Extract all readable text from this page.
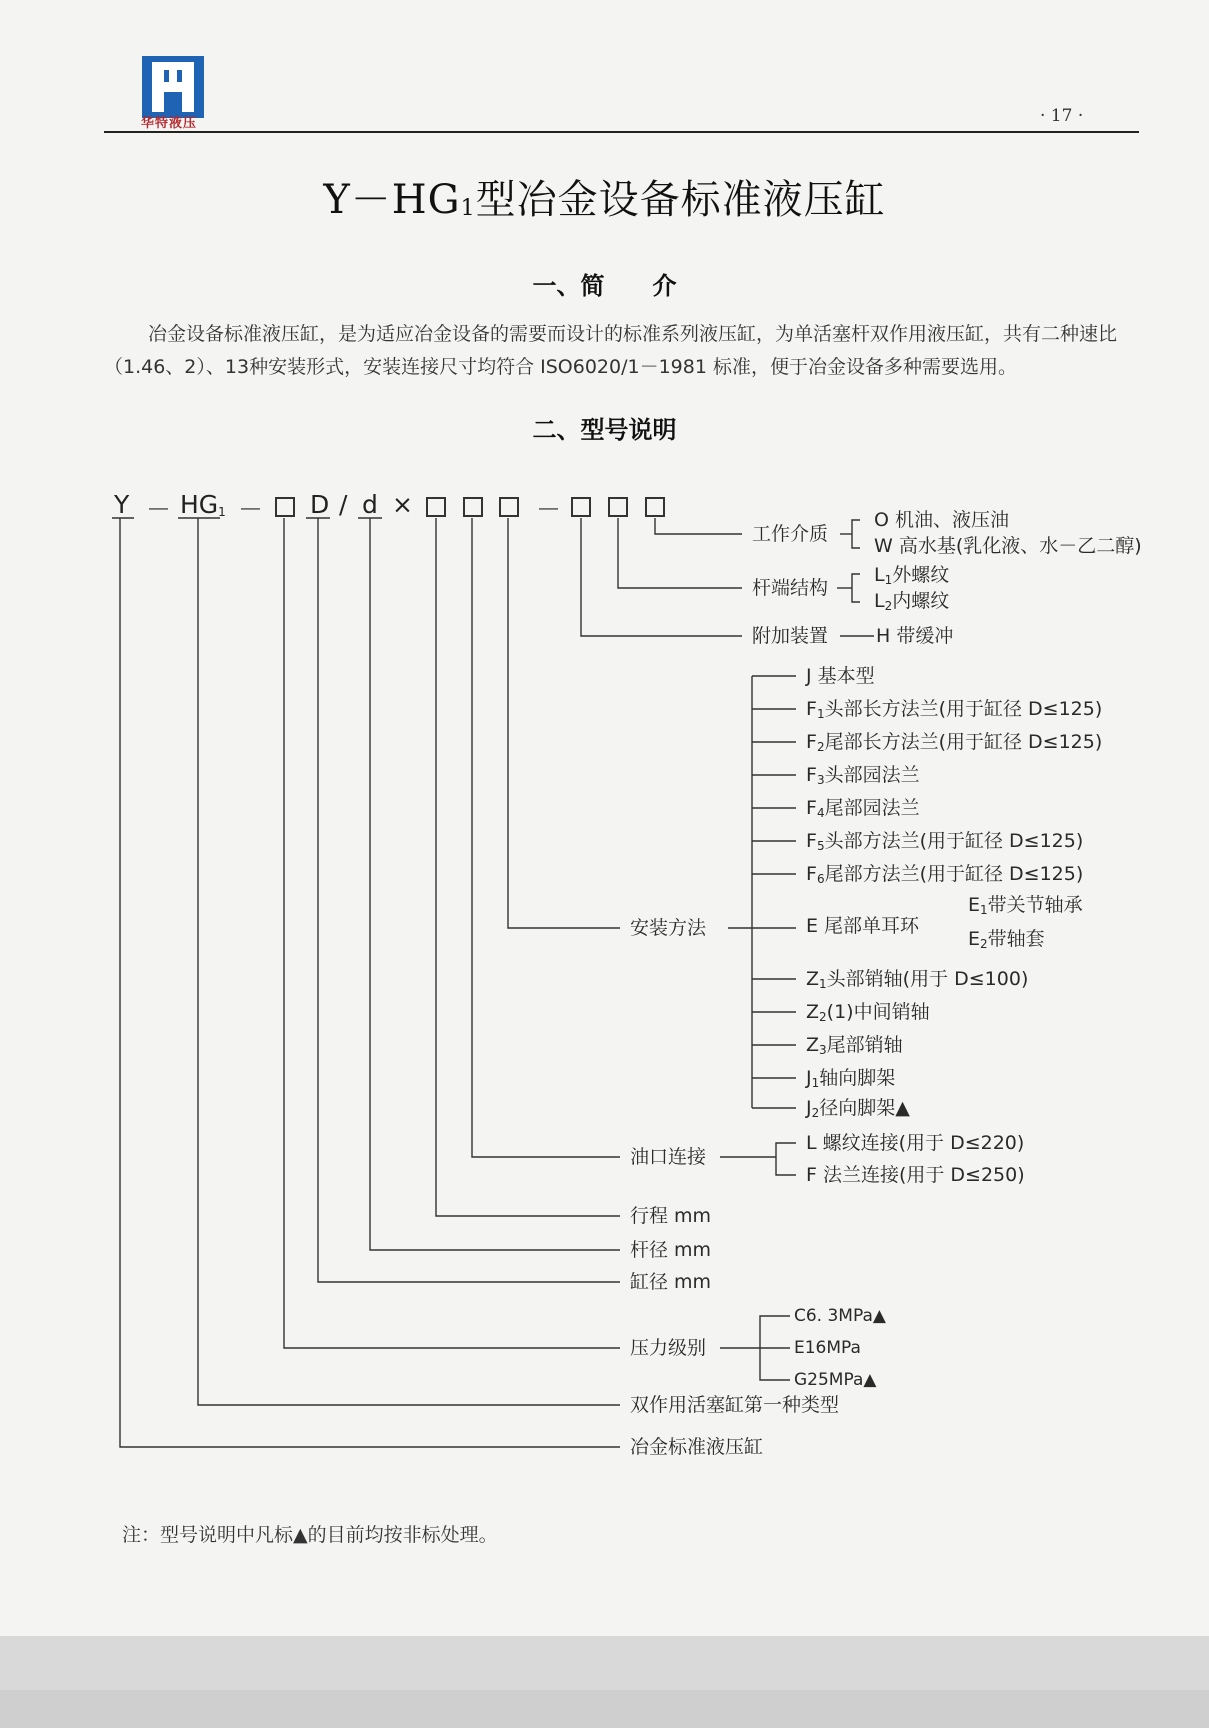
华特液压	· 17 ·
Y－HG1型冶金设备标准液压缸
一、简　　介
冶金设备标准液压缸，是为适应冶金设备的需要而设计的标准系列液压缸，为单活塞杆双作用液压缸，共有二种速比（1.46、2）、13种安装形式，安装连接尺寸均符合 ISO6020/1－1981 标准，便于冶金设备多种需要选用。
二、型号说明
Y － HG1 － D / d ×	－
工作介质
O 机油、液压油
W 高水基(乳化液、水－乙二醇)
杆端结构
L1外螺纹
L2内螺纹
附加装置	H 带缓冲
J 基本型
F1头部长方法兰(用于缸径 D≤125)
F2尾部长方法兰(用于缸径 D≤125)
F3头部园法兰
F4尾部园法兰
F5头部方法兰(用于缸径 D≤125)
F6尾部方法兰(用于缸径 D≤125)
安装方法	E 尾部单耳环
E1带关节轴承
E2带轴套
Z1头部销轴(用于 D≤100)
Z2(1)中间销轴
Z3尾部销轴
J1轴向脚架
J2径向脚架▲
油口连接
L 螺纹连接(用于 D≤220)
F 法兰连接(用于 D≤250)
行程 mm
杆径 mm
缸径 mm
压力级别
C6. 3MPa▲
E16MPa
G25MPa▲
双作用活塞缸第一种类型
冶金标准液压缸
注：型号说明中凡标▲的目前均按非标处理。
